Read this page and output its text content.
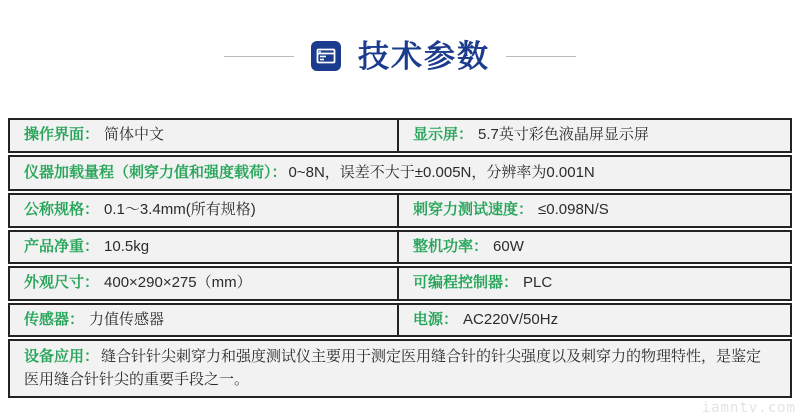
技术参数
操作界面： 简体中文	显示屏： 5.7英寸彩色液晶屏显示屏
仪器加载量程（刺穿力值和强度载荷）： 0~8N，误差不大于±0.005N，分辨率为0.001N
公称规格： 0.1～3.4mm(所有规格)	刺穿力测试速度： ≤0.098N/S
产品净重： 10.5kg	整机功率： 60W
外观尺寸： 400×290×275（mm）	可编程控制器： PLC
传感器： 力值传感器	电源： AC220V/50Hz
设备应用： 缝合针针尖刺穿力和强度测试仪主要用于测定医用缝合针的针尖强度以及刺穿力的物理特性，是鉴定医用缝合针针尖的重要手段之一。
iamntv.com
